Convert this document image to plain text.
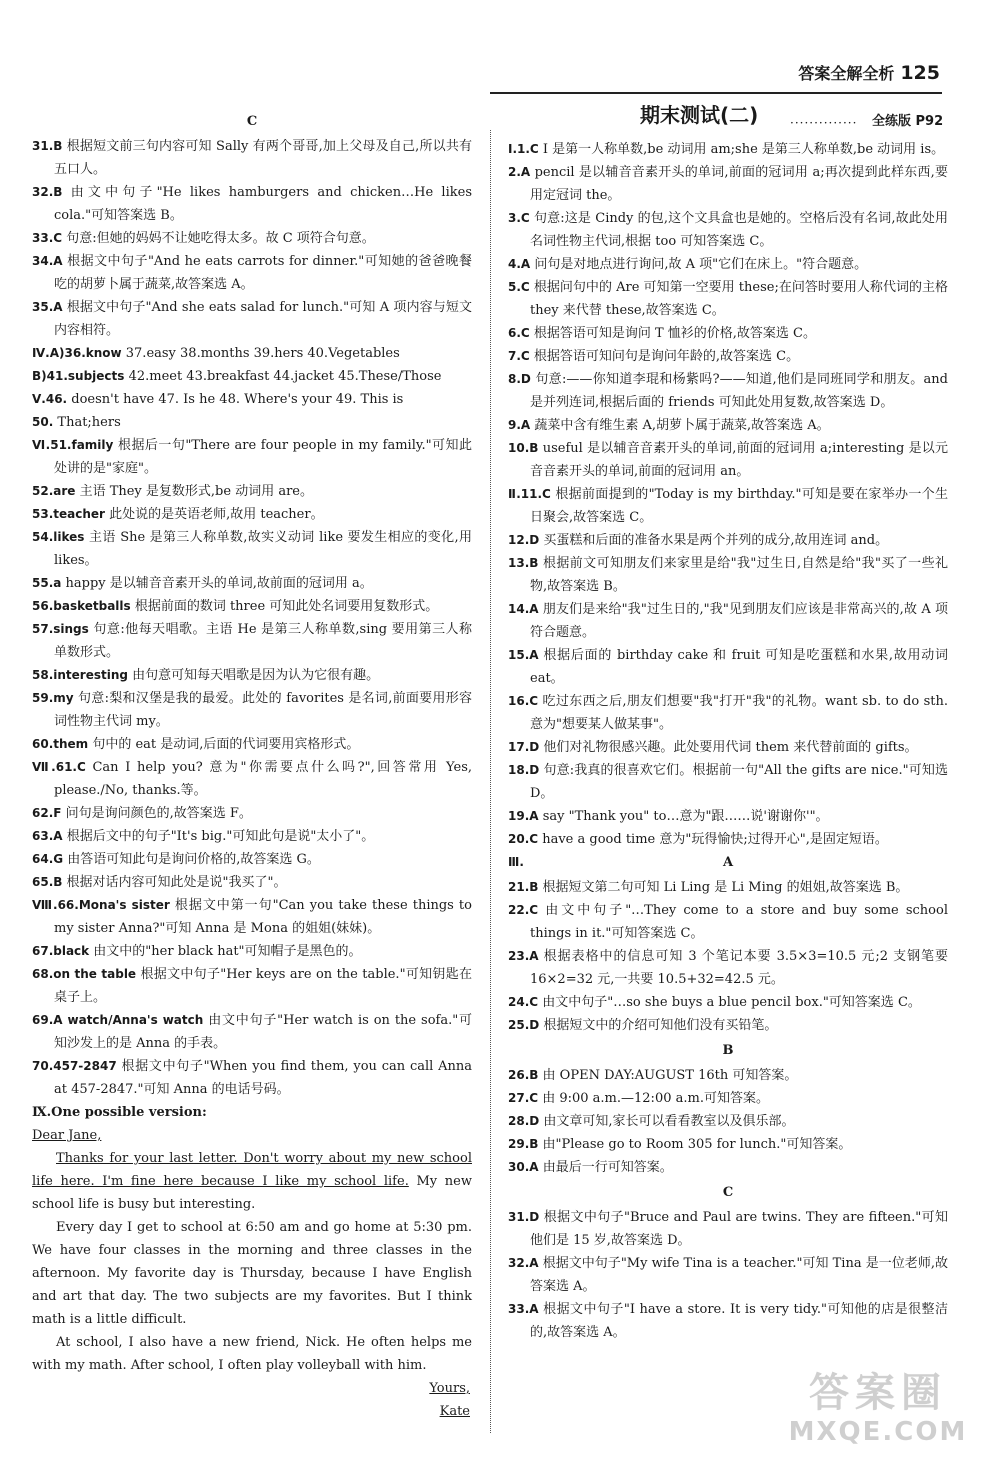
答案全解全析 125
期末测试(二)	·············· 全练版 P92
C

31.B 根据短文前三句内容可知 Sally 有两个哥哥,加上父母及自己,所以共有五口人。

32.B 由文中句子"He likes hamburgers and chicken…He likes cola."可知答案选 B。

33.C 句意:但她的妈妈不让她吃得太多。故 C 项符合句意。

34.A 根据文中句子"And he eats carrots for dinner."可知她的爸爸晚餐吃的胡萝卜属于蔬菜,故答案选 A。

35.A 根据文中句子"And she eats salad for lunch."可知 A 项内容与短文内容相符。

Ⅳ.A)36.know 37.easy 38.months 39.hers 40.Vegetables

B)41.subjects 42.meet 43.breakfast 44.jacket 45.These/Those

Ⅴ.46. doesn't have 47. Is he 48. Where's your 49. This is

50. That;hers

Ⅵ.51.family 根据后一句"There are four people in my family."可知此处讲的是"家庭"。

52.are 主语 They 是复数形式,be 动词用 are。

53.teacher 此处说的是英语老师,故用 teacher。

54.likes 主语 She 是第三人称单数,故实义动词 like 要发生相应的变化,用 likes。

55.a happy 是以辅音音素开头的单词,故前面的冠词用 a。

56.basketballs 根据前面的数词 three 可知此处名词要用复数形式。

57.sings 句意:他每天唱歌。主语 He 是第三人称单数,sing 要用第三人称单数形式。

58.interesting 由句意可知每天唱歌是因为认为它很有趣。

59.my 句意:梨和汉堡是我的最爱。此处的 favorites 是名词,前面要用形容词性物主代词 my。

60.them 句中的 eat 是动词,后面的代词要用宾格形式。

Ⅶ.61.C Can I help you? 意为"你需要点什么吗?",回答常用 Yes, please./No, thanks.等。

62.F 问句是询问颜色的,故答案选 F。

63.A 根据后文中的句子"It's big."可知此句是说"太小了"。

64.G 由答语可知此句是询问价格的,故答案选 G。

65.B 根据对话内容可知此处是说"我买了"。

Ⅷ.66.Mona's sister 根据文中第一句"Can you take these things to my sister Anna?"可知 Anna 是 Mona 的姐姐(妹妹)。

67.black 由文中的"her black hat"可知帽子是黑色的。

68.on the table 根据文中句子"Her keys are on the table."可知钥匙在桌子上。

69.A watch/Anna's watch 由文中句子"Her watch is on the sofa."可知沙发上的是 Anna 的手表。

70.457-2847 根据文中句子"When you find them, you can call Anna at 457-2847."可知 Anna 的电话号码。

Ⅸ.One possible version:

Dear Jane,

Thanks for your last letter. Don't worry about my new school life here. I'm fine here because I like my school life. My new school life is busy but interesting.

Every day I get to school at 6:50 am and go home at 5:30 pm. We have four classes in the morning and three classes in the afternoon. My favorite day is Thursday, because I have English and art that day. The two subjects are my favorites. But I think math is a little difficult.

At school, I also have a new friend, Nick. He often helps me with my math. After school, I often play volleyball with him.

Yours,

Kate

Ⅰ.1.C I 是第一人称单数,be 动词用 am;she 是第三人称单数,be 动词用 is。

2.A pencil 是以辅音音素开头的单词,前面的冠词用 a;再次提到此样东西,要用定冠词 the。

3.C 句意:这是 Cindy 的包,这个文具盒也是她的。空格后没有名词,故此处用名词性物主代词,根据 too 可知答案选 C。

4.A 问句是对地点进行询问,故 A 项"它们在床上。"符合题意。

5.C 根据问句中的 Are 可知第一空要用 these;在问答时要用人称代词的主格 they 来代替 these,故答案选 C。

6.C 根据答语可知是询问 T 恤衫的价格,故答案选 C。

7.C 根据答语可知问句是询问年龄的,故答案选 C。

8.D 句意:——你知道李琨和杨紫吗?——知道,他们是同班同学和朋友。and 是并列连词,根据后面的 friends 可知此处用复数,故答案选 D。

9.A 蔬菜中含有维生素 A,胡萝卜属于蔬菜,故答案选 A。

10.B useful 是以辅音音素开头的单词,前面的冠词用 a;interesting 是以元音音素开头的单词,前面的冠词用 an。

Ⅱ.11.C 根据前面提到的"Today is my birthday."可知是要在家举办一个生日聚会,故答案选 C。

12.D 买蛋糕和后面的准备水果是两个并列的成分,故用连词 and。

13.B 根据前文可知朋友们来家里是给"我"过生日,自然是给"我"买了一些礼物,故答案选 B。

14.A 朋友们是来给"我"过生日的,"我"见到朋友们应该是非常高兴的,故 A 项符合题意。

15.A 根据后面的 birthday cake 和 fruit 可知是吃蛋糕和水果,故用动词 eat。

16.C 吃过东西之后,朋友们想要"我"打开"我"的礼物。want sb. to do sth.意为"想要某人做某事"。

17.D 他们对礼物很感兴趣。此处要用代词 them 来代替前面的 gifts。

18.D 句意:我真的很喜欢它们。根据前一句"All the gifts are nice."可知选 D。

19.A say "Thank you" to…意为"跟……说'谢谢你'"。

20.C have a good time 意为"玩得愉快;过得开心",是固定短语。

Ⅲ.	A

21.B 根据短文第二句可知 Li Ling 是 Li Ming 的姐姐,故答案选 B。

22.C 由文中句子"…They come to a store and buy some school things in it."可知答案选 C。

23.A 根据表格中的信息可知 3 个笔记本要 3.5×3=10.5 元;2 支钢笔要 16×2=32 元,一共要 10.5+32=42.5 元。

24.C 由文中句子"…so she buys a blue pencil box."可知答案选 C。

25.D 根据短文中的介绍可知他们没有买铅笔。

B

26.B 由 OPEN DAY:AUGUST 16th 可知答案。

27.C 由 9:00 a.m.—12:00 a.m.可知答案。

28.D 由文章可知,家长可以看看教室以及俱乐部。

29.B 由"Please go to Room 305 for lunch."可知答案。

30.A 由最后一行可知答案。

C

31.D 根据文中句子"Bruce and Paul are twins. They are fifteen."可知他们是 15 岁,故答案选 D。

32.A 根据文中句子"My wife Tina is a teacher."可知 Tina 是一位老师,故答案选 A。

33.A 根据文中句子"I have a store. It is very tidy."可知他的店是很整洁的,故答案选 A。

答案圈
MXQE.COM
